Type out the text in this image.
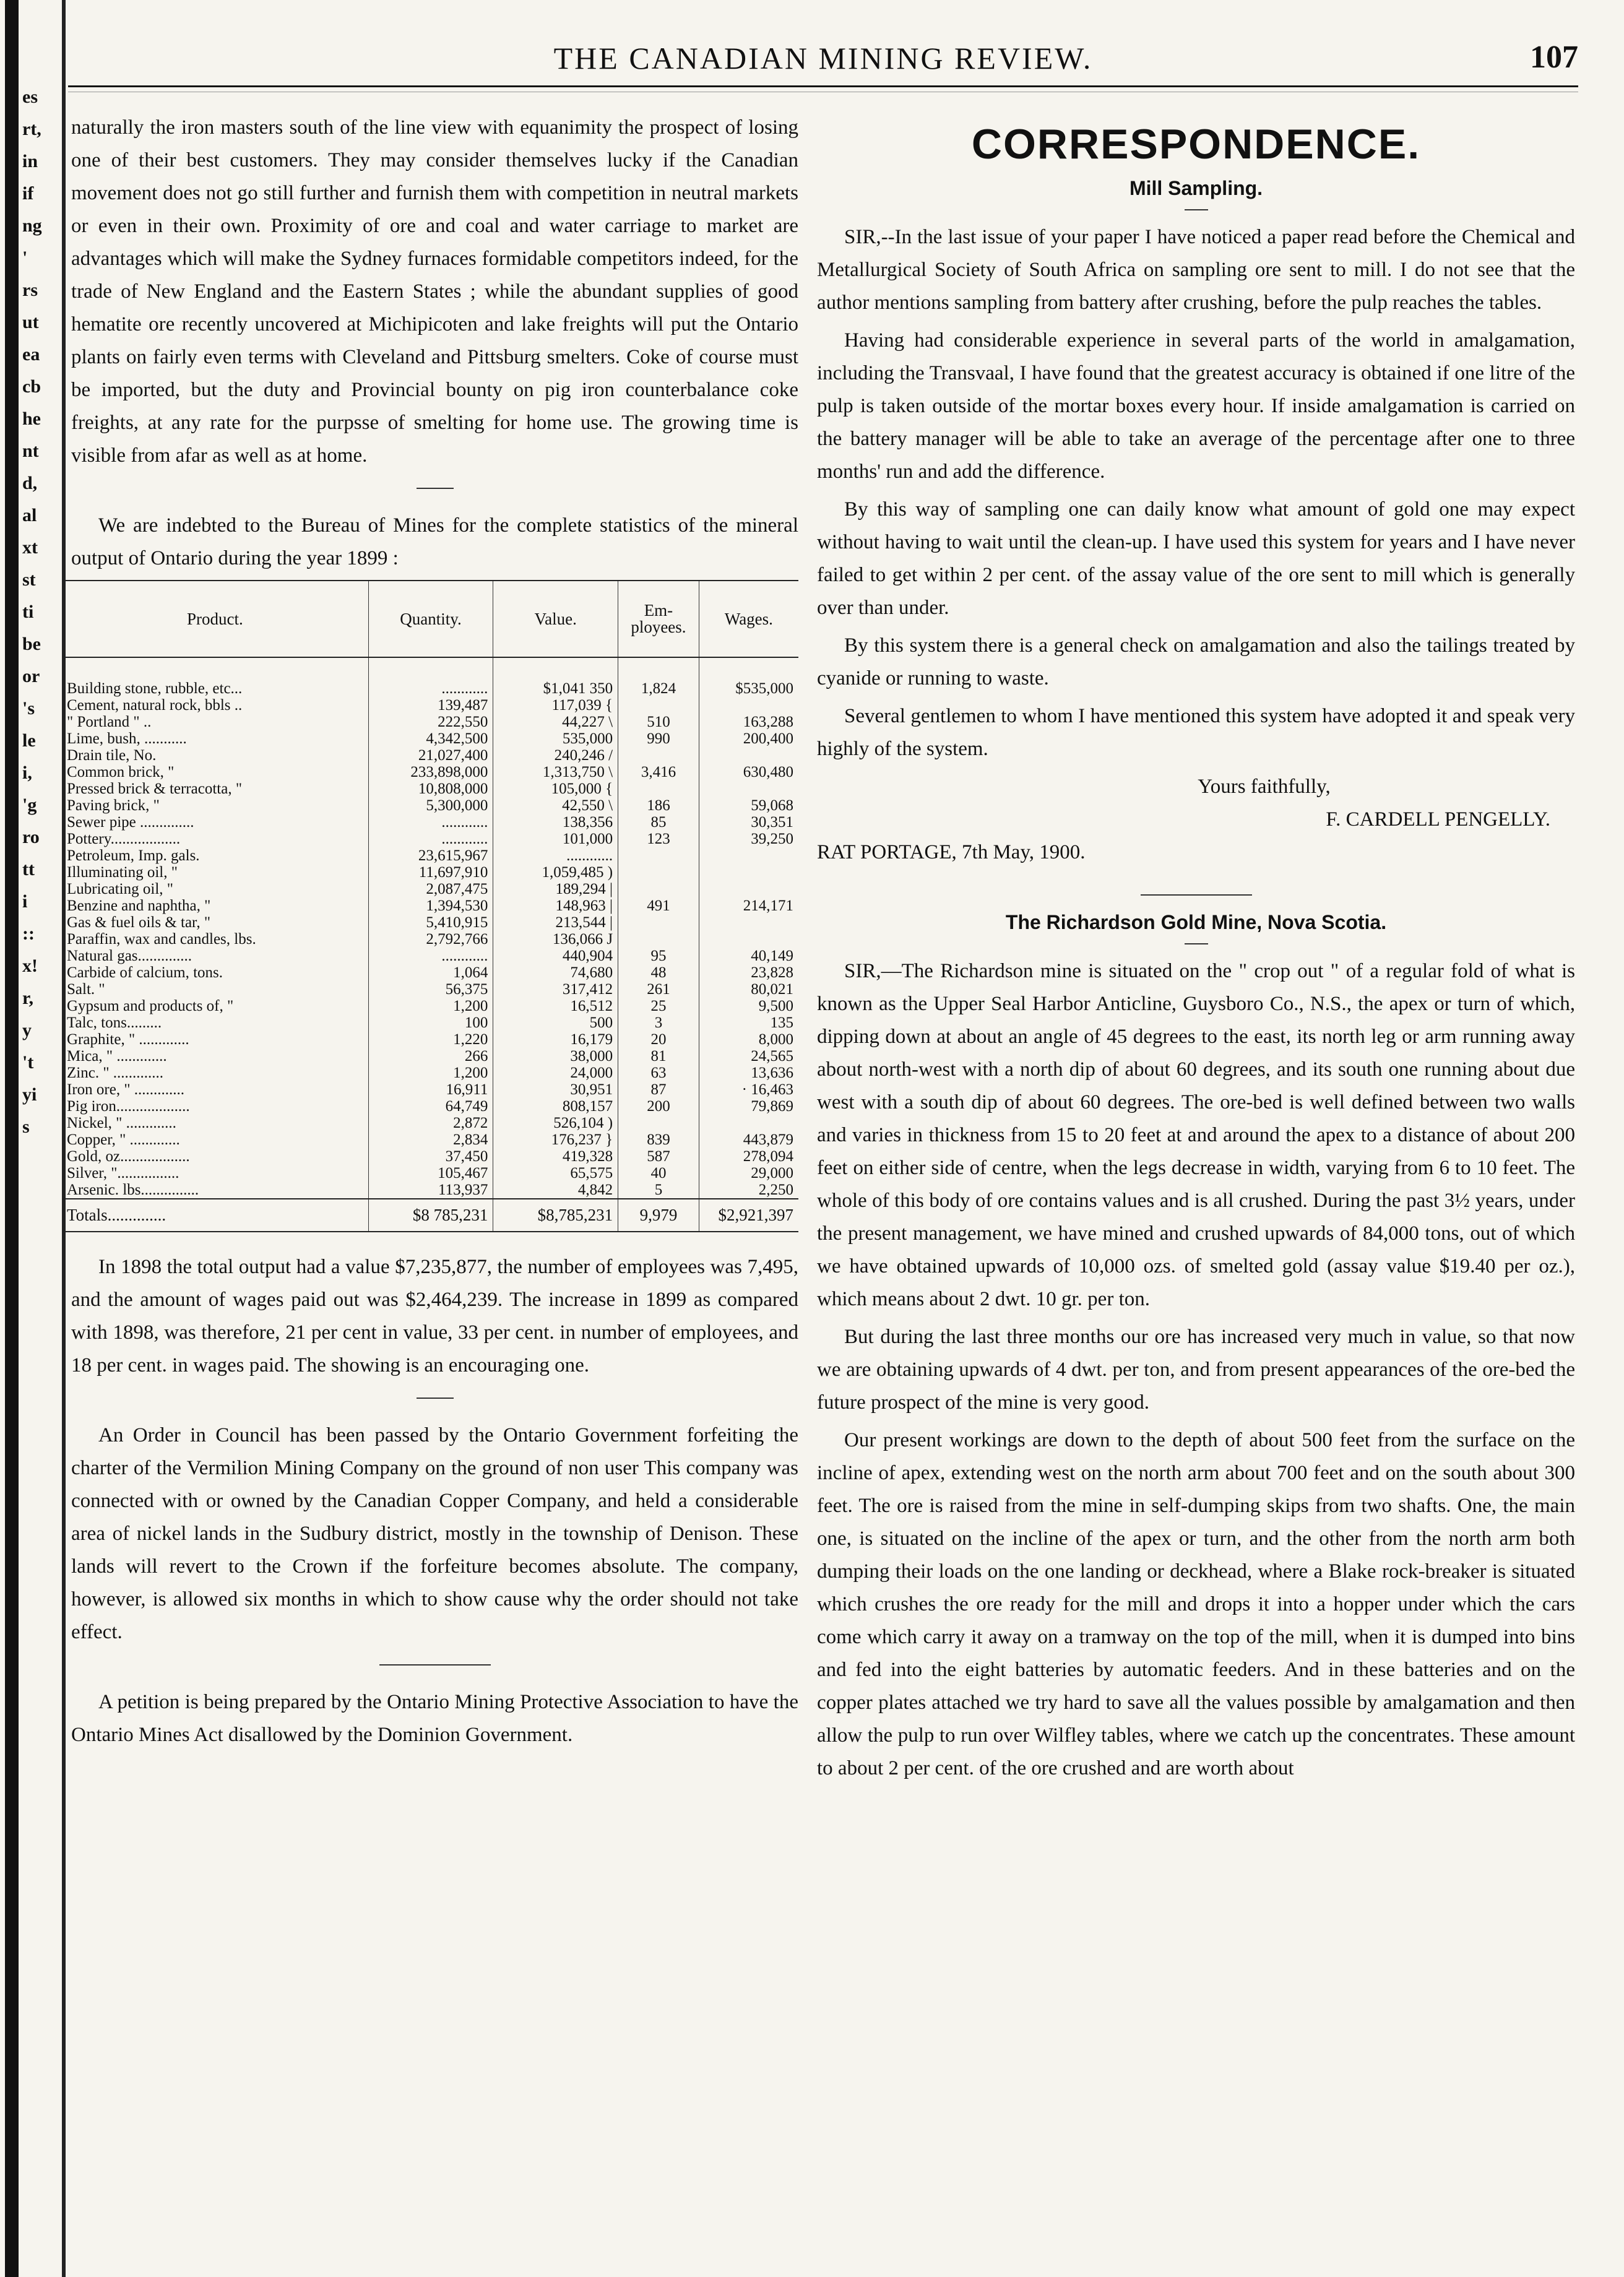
es
rt,
in
if
ng
'
rs
ut
ea
cb
he
nt
d,
al
xt
st
ti
be
or
's
le
i,
'g
ro
tt
i
::
x!
r,
y
't
yi
s
THE CANADIAN MINING REVIEW.	107

naturally the iron masters south of the line view with equanimity the prospect of losing one of their best customers. They may consider themselves lucky if the Canadian movement does not go still further and furnish them with competition in neutral markets or even in their own. Proximity of ore and coal and water carriage to market are advantages which will make the Sydney furnaces formidable competitors indeed, for the trade of New England and the Eastern States ; while the abundant supplies of good hematite ore recently uncovered at Michipicoten and lake freights will put the Ontario plants on fairly even terms with Cleveland and Pittsburg smelters. Coke of course must be imported, but the duty and Provincial bounty on pig iron counterbalance coke freights, at any rate for the purpsse of smelting for home use. The growing time is visible from afar as well as at home.

We are indebted to the Bureau of Mines for the complete statistics of the mineral output of Ontario during the year 1899 :

Product.	Quantity.	Value.	Em-ployees.	Wages.
Building stone, rubble, etc...	............	$1,041 350	1,824	$535,000
Cement, natural rock, bbls ..	139,487	117,039 {		
" Portland " ..	222,550	44,227 \	510	163,288
Lime, bush, ...........	4,342,500	535,000	990	200,400
Drain tile, No.	21,027,400	240,246 /		
Common brick, "	233,898,000	1,313,750 \	3,416	630,480
Pressed brick & terracotta, "	10,808,000	105,000 {		
Paving brick, "	5,300,000	42,550 \	186	59,068
Sewer pipe ..............	............	138,356	85	30,351
Pottery..................	............	101,000	123	39,250
Petroleum, Imp. gals.	23,615,967	............		
Illuminating oil, "	11,697,910	1,059,485 )		
Lubricating oil, "	2,087,475	189,294 |		
Benzine and naphtha, "	1,394,530	148,963 |	491	214,171
Gas & fuel oils & tar, "	5,410,915	213,544 |		
Paraffin, wax and candles, lbs.	2,792,766	136,066 J		
Natural gas..............	............	440,904	95	40,149
Carbide of calcium, tons.	1,064	74,680	48	23,828
Salt. "	56,375	317,412	261	80,021
Gypsum and products of, "	1,200	16,512	25	9,500
Talc, tons.........	100	500	3	135
Graphite, " .............	1,220	16,179	20	8,000
Mica, " .............	266	38,000	81	24,565
Zinc. " .............	1,200	24,000	63	13,636
Iron ore, " .............	16,911	30,951	87	· 16,463
Pig iron...................	64,749	808,157	200	79,869
Nickel, " .............	2,872	526,104 )		
Copper, " .............	2,834	176,237 }	839	443,879
Gold, oz..................	37,450	419,328	587	278,094
Silver, "................	105,467	65,575	40	29,000
Arsenic. lbs...............	113,937	4,842	5	2,250
Totals..............	$8 785,231	$8,785,231	9,979	$2,921,397

In 1898 the total output had a value $7,235,877, the number of employees was 7,495, and the amount of wages paid out was $2,464,239. The increase in 1899 as compared with 1898, was therefore, 21 per cent in value, 33 per cent. in number of employees, and 18 per cent. in wages paid. The showing is an encouraging one.

An Order in Council has been passed by the Ontario Government forfeiting the charter of the Vermilion Mining Company on the ground of non user This company was connected with or owned by the Canadian Copper Company, and held a considerable area of nickel lands in the Sudbury district, mostly in the township of Denison. These lands will revert to the Crown if the forfeiture becomes absolute. The company, however, is allowed six months in which to show cause why the order should not take effect.

A petition is being prepared by the Ontario Mining Protective Association to have the Ontario Mines Act disallowed by the Dominion Government.

CORRESPONDENCE.
Mill Sampling.

SIR,--In the last issue of your paper I have noticed a paper read before the Chemical and Metallurgical Society of South Africa on sampling ore sent to mill. I do not see that the author mentions sampling from battery after crushing, before the pulp reaches the tables.

Having had considerable experience in several parts of the world in amalgamation, including the Transvaal, I have found that the greatest accuracy is obtained if one litre of the pulp is taken outside of the mortar boxes every hour. If inside amalgamation is carried on the battery manager will be able to take an average of the percentage after one to three months' run and add the difference.

By this way of sampling one can daily know what amount of gold one may expect without having to wait until the clean-up. I have used this system for years and I have never failed to get within 2 per cent. of the assay value of the ore sent to mill which is generally over than under.

By this system there is a general check on amalgamation and also the tailings treated by cyanide or running to waste.

Several gentlemen to whom I have mentioned this system have adopted it and speak very highly of the system.

Yours faithfully,
F. CARDELL PENGELLY.
RAT PORTAGE, 7th May, 1900.
The Richardson Gold Mine, Nova Scotia.

SIR,—The Richardson mine is situated on the " crop out " of a regular fold of what is known as the Upper Seal Harbor Anticline, Guysboro Co., N.S., the apex or turn of which, dipping down at about an angle of 45 degrees to the east, its north leg or arm running away about north-west with a north dip of about 60 degrees, and its south one running about due west with a south dip of about 60 degrees. The ore-bed is well defined between two walls and varies in thickness from 15 to 20 feet at and around the apex to a distance of about 200 feet on either side of centre, when the legs decrease in width, varying from 6 to 10 feet. The whole of this body of ore contains values and is all crushed. During the past 3½ years, under the present management, we have mined and crushed upwards of 84,000 tons, out of which we have obtained upwards of 10,000 ozs. of smelted gold (assay value $19.40 per oz.), which means about 2 dwt. 10 gr. per ton.

But during the last three months our ore has increased very much in value, so that now we are obtaining upwards of 4 dwt. per ton, and from present appearances of the ore-bed the future prospect of the mine is very good.

Our present workings are down to the depth of about 500 feet from the surface on the incline of apex, extending west on the north arm about 700 feet and on the south about 300 feet. The ore is raised from the mine in self-dumping skips from two shafts. One, the main one, is situated on the incline of the apex or turn, and the other from the north arm both dumping their loads on the one landing or deckhead, where a Blake rock-breaker is situated which crushes the ore ready for the mill and drops it into a hopper under which the cars come which carry it away on a tramway on the top of the mill, when it is dumped into bins and fed into the eight batteries by automatic feeders. And in these batteries and on the copper plates attached we try hard to save all the values possible by amalgamation and then allow the pulp to run over Wilfley tables, where we catch up the concentrates. These amount to about 2 per cent. of the ore crushed and are worth about
